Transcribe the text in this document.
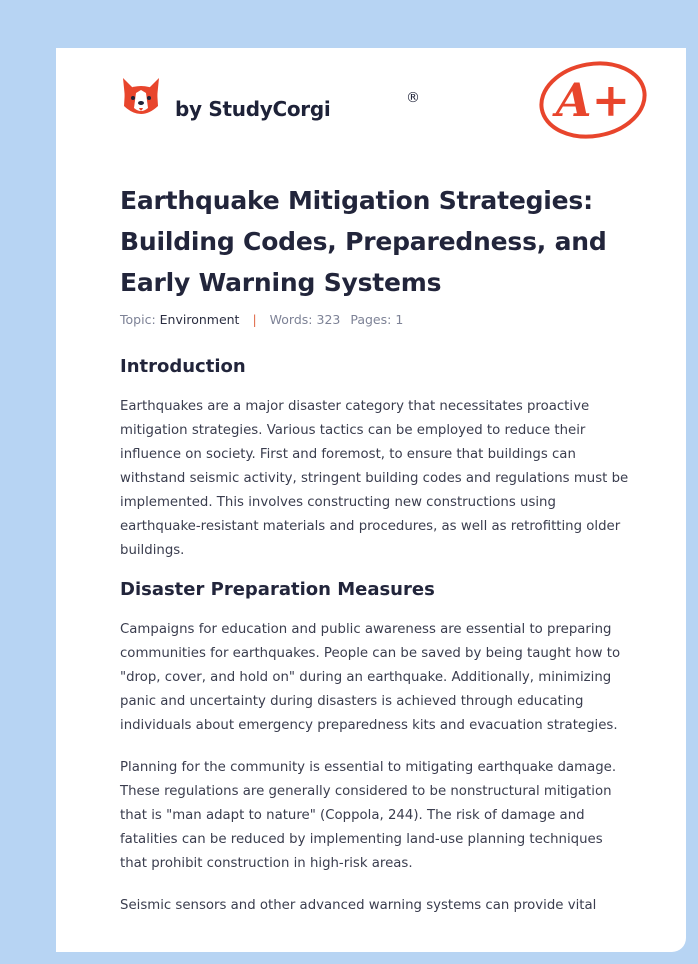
by StudyCorgi	®	A+
Earthquake Mitigation Strategies: Building Codes, Preparedness, and Early Warning Systems
Topic: Environment | Words: 323 Pages: 1
Introduction

Earthquakes are a major disaster category that necessitates proactive mitigation strategies. Various tactics can be employed to reduce their influence on society. First and foremost, to ensure that buildings can withstand seismic activity, stringent building codes and regulations must be implemented. This involves constructing new constructions using earthquake-resistant materials and procedures, as well as retrofitting older buildings.

Disaster Preparation Measures

Campaigns for education and public awareness are essential to preparing communities for earthquakes. People can be saved by being taught how to "drop, cover, and hold on" during an earthquake. Additionally, minimizing panic and uncertainty during disasters is achieved through educating individuals about emergency preparedness kits and evacuation strategies.

Planning for the community is essential to mitigating earthquake damage. These regulations are generally considered to be nonstructural mitigation that is "man adapt to nature" (Coppola, 244). The risk of damage and fatalities can be reduced by implementing land-use planning techniques that prohibit construction in high-risk areas.

Seismic sensors and other advanced warning systems can provide vital
